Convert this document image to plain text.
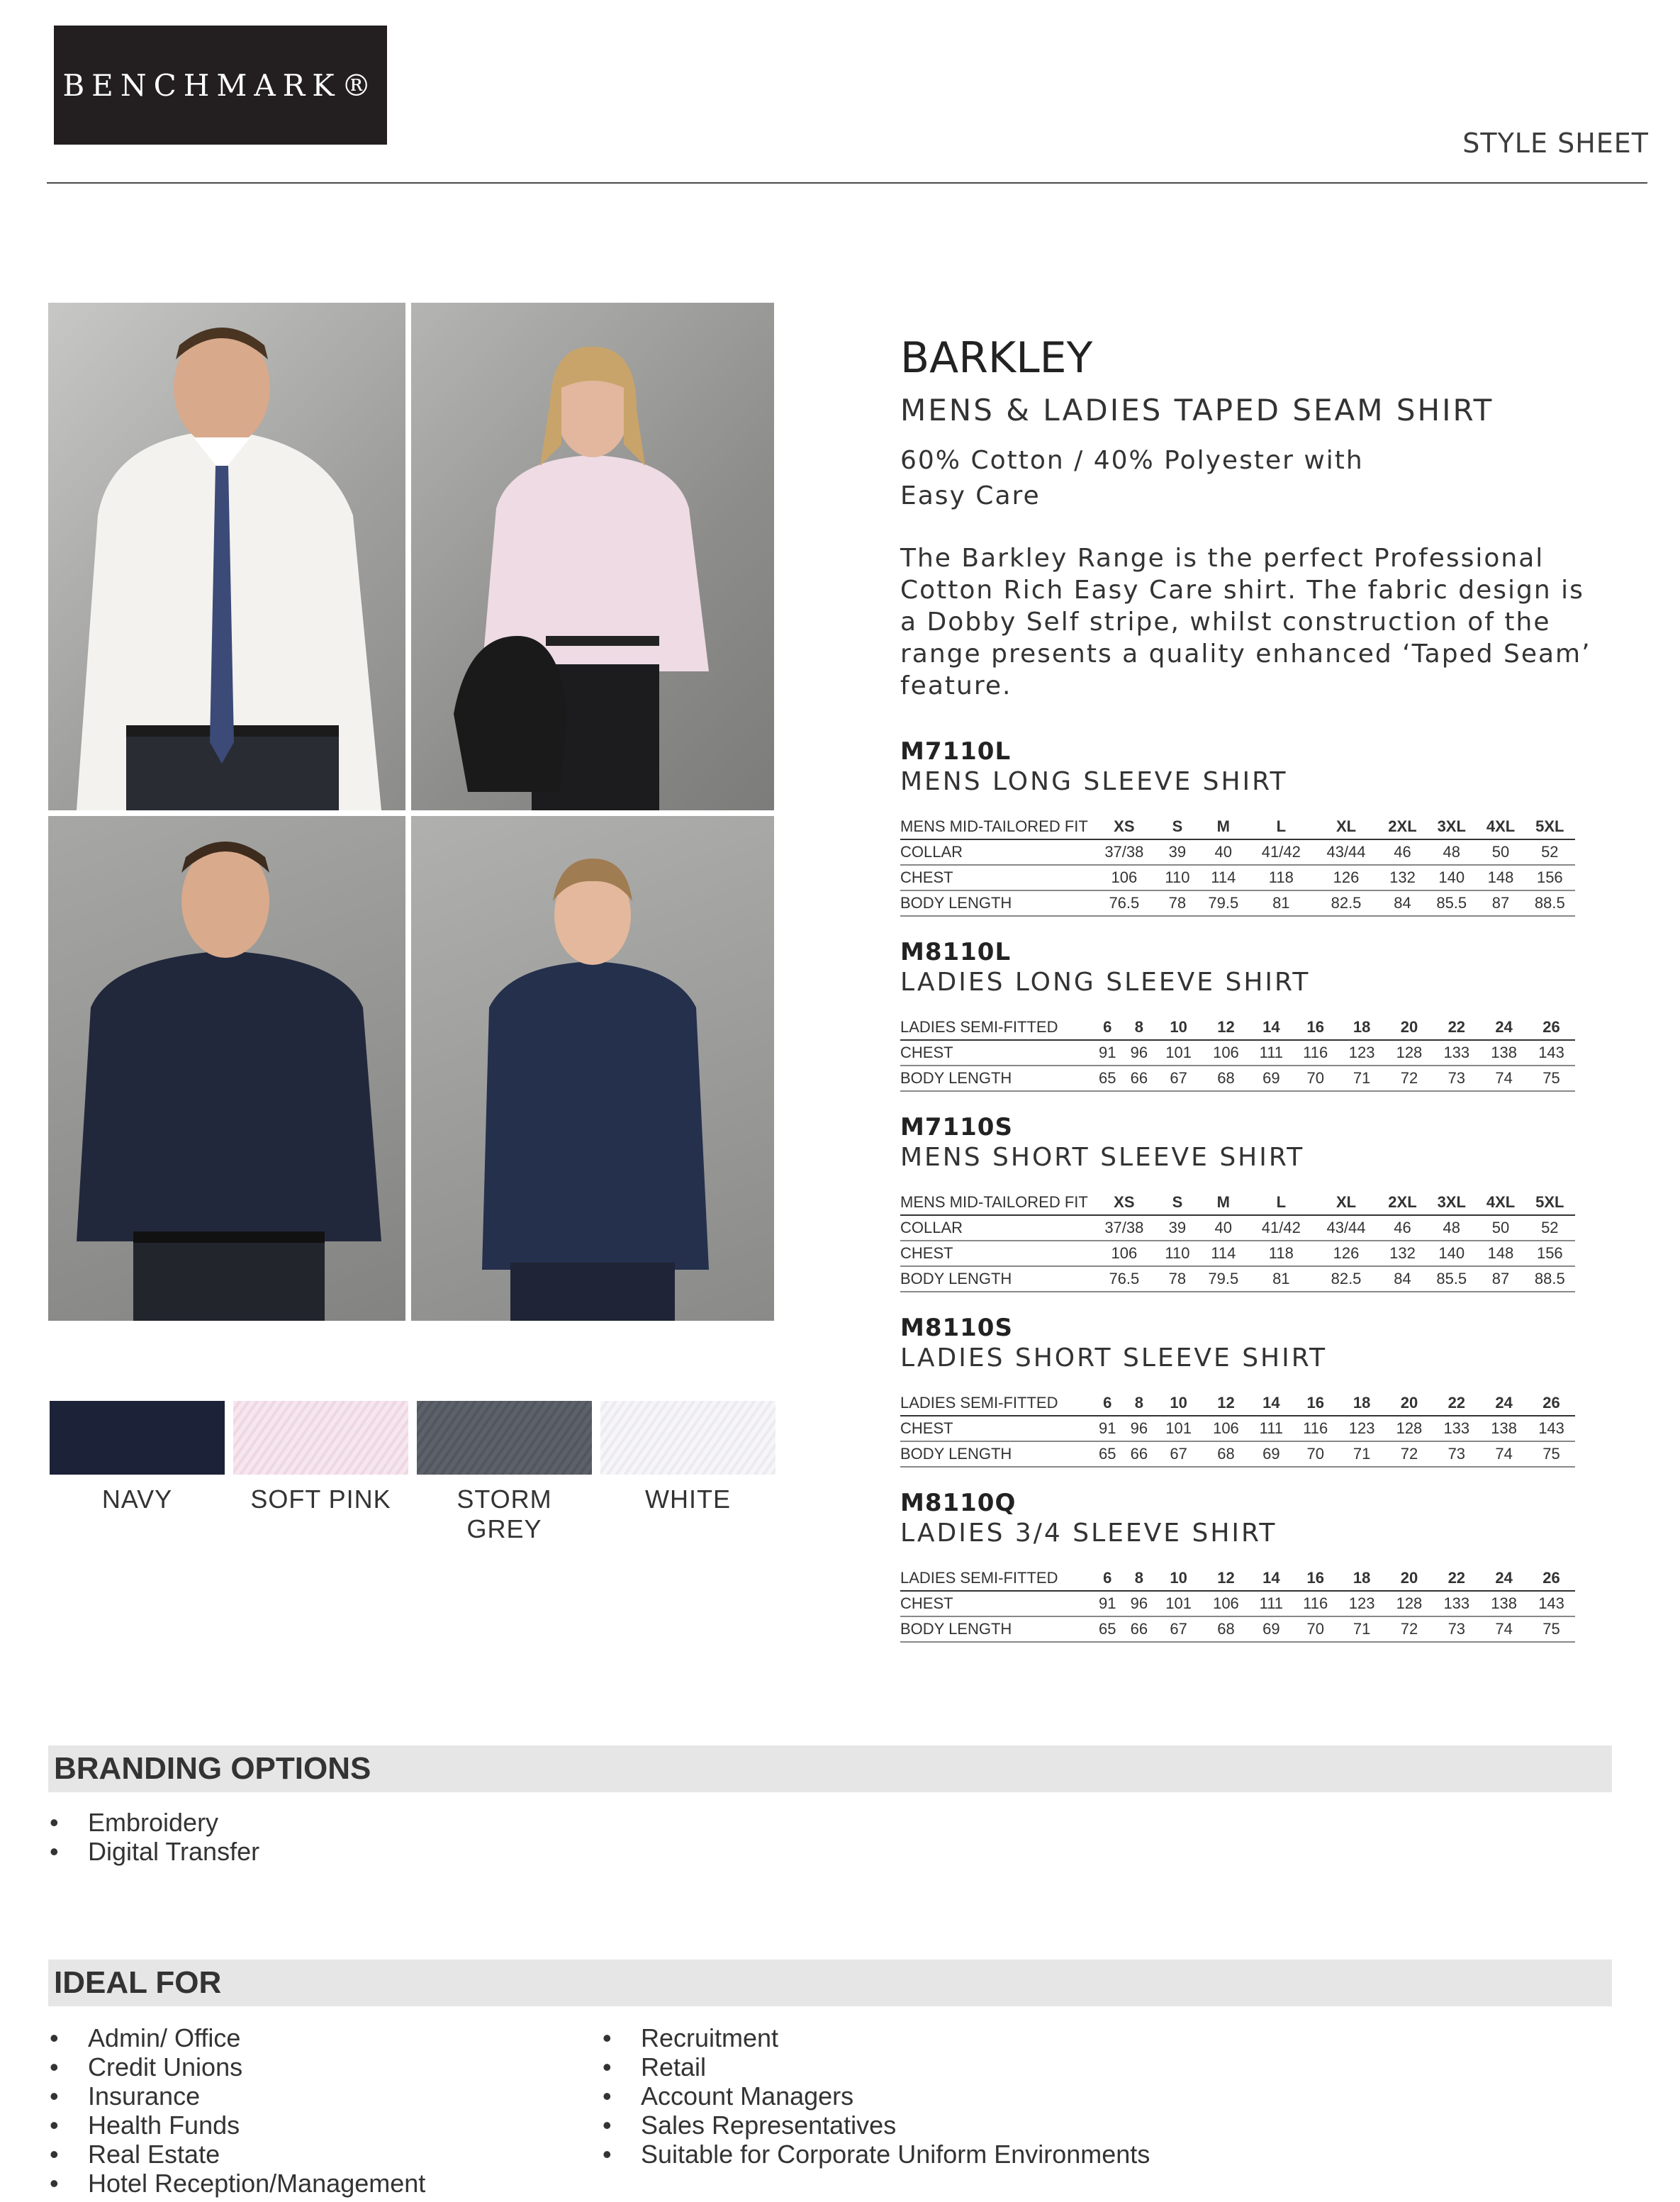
BENCHMARK®
STYLE SHEET
NAVY	SOFT PINK	STORM GREY
WHITE
BARKLEY
MENS & LADIES TAPED SEAM SHIRT
60% Cotton / 40% Polyester with Easy Care
The Barkley Range is the perfect Professional Cotton Rich Easy Care shirt. The fabric design is a Dobby Self stripe, whilst construction of the range presents a quality enhanced ‘Taped Seam’ feature.
M7110L
MENS LONG SLEEVE SHIRT
MENS MID-TAILORED FIT	XS	S	M	L	XL	2XL	3XL	4XL	5XL
COLLAR	37/38	39	40	41/42	43/44	46	48	50	52
CHEST	106	110	114	118	126	132	140	148	156
BODY LENGTH	76.5	78	79.5	81	82.5	84	85.5	87	88.5
M8110L
LADIES LONG SLEEVE SHIRT
LADIES SEMI-FITTED	6	8	10	12	14	16	18	20	22	24	26
CHEST	91	96	101	106	111	116	123	128	133	138	143
BODY LENGTH	65	66	67	68	69	70	71	72	73	74	75
M7110S
MENS SHORT SLEEVE SHIRT
MENS MID-TAILORED FIT	XS	S	M	L	XL	2XL	3XL	4XL	5XL
COLLAR	37/38	39	40	41/42	43/44	46	48	50	52
CHEST	106	110	114	118	126	132	140	148	156
BODY LENGTH	76.5	78	79.5	81	82.5	84	85.5	87	88.5
M8110S
LADIES SHORT SLEEVE SHIRT
LADIES SEMI-FITTED	6	8	10	12	14	16	18	20	22	24	26
CHEST	91	96	101	106	111	116	123	128	133	138	143
BODY LENGTH	65	66	67	68	69	70	71	72	73	74	75
M8110Q
LADIES 3/4 SLEEVE SHIRT
LADIES SEMI-FITTED	6	8	10	12	14	16	18	20	22	24	26
CHEST	91	96	101	106	111	116	123	128	133	138	143
BODY LENGTH	65	66	67	68	69	70	71	72	73	74	75
BRANDING OPTIONS
• Embroidery
• Digital Transfer
IDEAL FOR
• Admin/ Office
• Credit Unions
• Insurance
• Health Funds
• Real Estate
• Hotel Reception/Management
• Recruitment
• Retail
• Account Managers
• Sales Representatives
• Suitable for Corporate Uniform Environments
